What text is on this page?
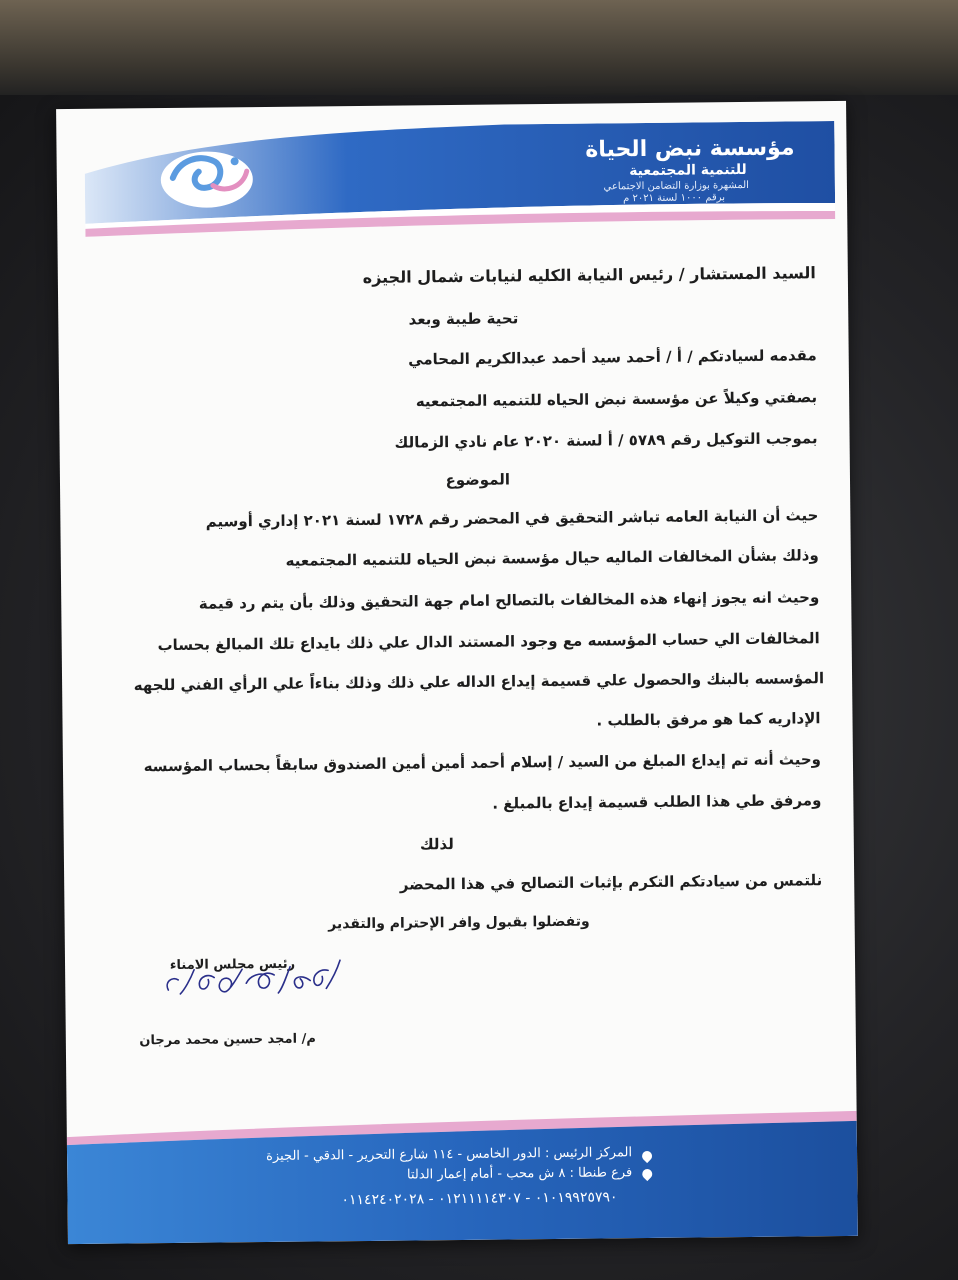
مؤسسة نبض الحياة
للتنمية المجتمعية
المشهرة بوزارة التضامن الاجتماعي
برقم ١٠٠٠ لسنة ٢٠٢١ م
السيد المستشار / رئيس النيابة الكليه لنيابات شمال الجيزه
تحية طيبة وبعد
مقدمه لسيادتكم / أ / أحمد سيد أحمد عبدالكريم المحامي
بصفتي وكيلاً عن مؤسسة نبض الحياه للتنميه المجتمعيه
بموجب التوكيل رقم ٥٧٨٩ / أ لسنة ٢٠٢٠ عام نادي الزمالك
الموضوع
حيث أن النيابة العامه تباشر التحقيق في المحضر رقم ١٧٢٨ لسنة ٢٠٢١ إداري أوسيم
وذلك بشأن المخالفات الماليه حيال مؤسسة نبض الحياه للتنميه المجتمعيه
وحيث انه يجوز إنهاء هذه المخالفات بالتصالح امام جهة التحقيق وذلك بأن يتم رد قيمة
المخالفات الي حساب المؤسسه مع وجود المستند الدال علي ذلك بايداع تلك المبالغ بحساب
المؤسسه بالبنك والحصول علي قسيمة إيداع الداله علي ذلك وذلك بناءاً علي الرأي الفني للجهه
الإداريه كما هو مرفق بالطلب .
وحيث أنه تم إيداع المبلغ من السيد / إسلام أحمد أمين أمين الصندوق سابقاً بحساب المؤسسه
ومرفق طي هذا الطلب قسيمة إيداع بالمبلغ .
لذلك
نلتمس من سيادتكم التكرم بإثبات التصالح في هذا المحضر
وتفضلوا بقبول وافر الإحترام والتقدير
رئيس مجلس الامناء
م/ امجد حسين محمد مرجان
المركز الرئيس : الدور الخامس - ١١٤ شارع التحرير - الدقي - الجيزة
فرع طنطا : ٨ ش محب - أمام إعمار الدلتا
٠١٠١٩٩٢٥٧٩٠ - ٠١٢١١١١٤٣٠٧ - ٠١١٤٢٤٠٢٠٢٨
